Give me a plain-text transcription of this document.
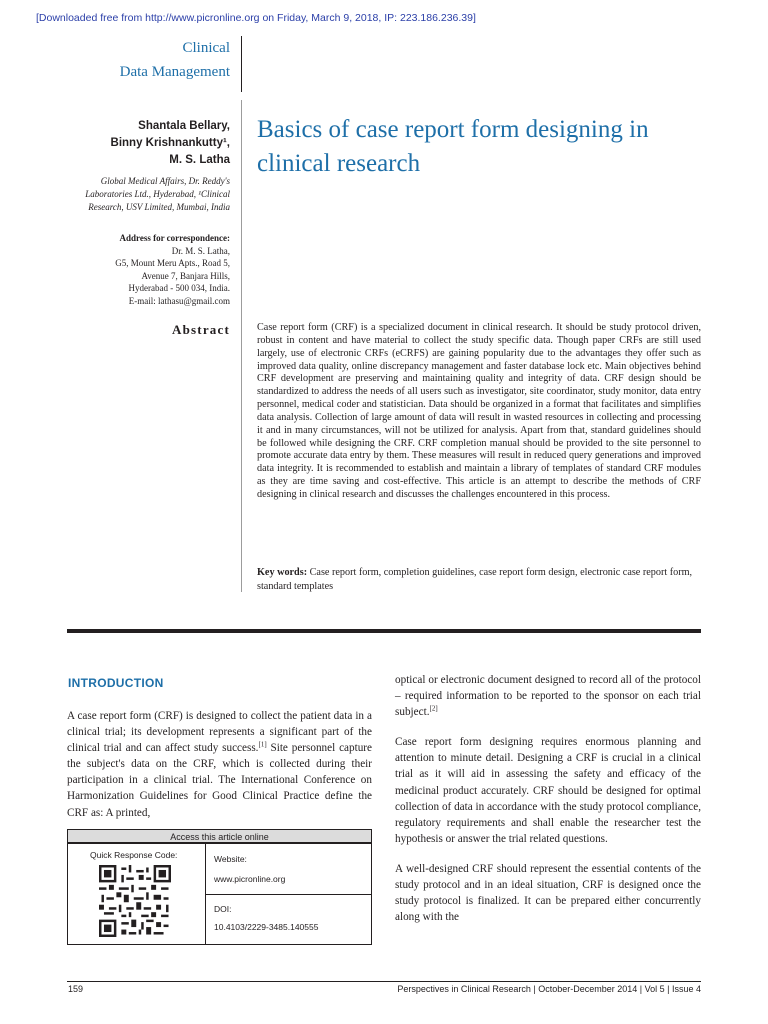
[Downloaded free from http://www.picronline.org on Friday, March 9, 2018, IP: 223.186.236.39]
Clinical
Data Management
Basics of case report form designing in clinical research
Shantala Bellary,
Binny Krishnankutty¹,
M. S. Latha
Global Medical Affairs, Dr. Reddy's Laboratories Ltd., Hyderabad, ¹Clinical Research, USV Limited, Mumbai, India
Address for correspondence:
Dr. M. S. Latha,
G5, Mount Meru Apts., Road 5,
Avenue 7, Banjara Hills,
Hyderabad - 500 034, India.
E-mail: lathasu@gmail.com
Abstract	Case report form (CRF) is a specialized document in clinical research. It should be study protocol driven, robust in content and have material to collect the study specific data. Though paper CRFs are still used largely, use of electronic CRFs (eCRFS) are gaining popularity due to the advantages they offer such as improved data quality, online discrepancy management and faster database lock etc. Main objectives behind CRF development are preserving and maintaining quality and integrity of data. CRF design should be standardized to address the needs of all users such as investigator, site coordinator, study monitor, data entry personnel, medical coder and statistician. Data should be organized in a format that facilitates and simplifies data analysis. Collection of large amount of data will result in wasted resources in collecting and processing it and in many circumstances, will not be utilized for analysis. Apart from that, standard guidelines should be followed while designing the CRF. CRF completion manual should be provided to the site personnel to promote accurate data entry by them. These measures will result in reduced query generations and improved data integrity. It is recommended to establish and maintain a library of templates of standard CRF modules as they are time saving and cost-effective. This article is an attempt to describe the methods of CRF designing in clinical research and discusses the challenges encountered in this process.
Key words: Case report form, completion guidelines, case report form design, electronic case report form, standard templates
INTRODUCTION

A case report form (CRF) is designed to collect the patient data in a clinical trial; its development represents a significant part of the clinical trial and can affect study success.[1] Site personnel capture the subject's data on the CRF, which is collected during their participation in a clinical trial. The International Conference on Harmonization Guidelines for Good Clinical Practice define the CRF as: A printed,

Access this article online
Quick Response Code:	Website:
www.picronline.org
DOI:
10.4103/2229-3485.140555

optical or electronic document designed to record all of the protocol – required information to be reported to the sponsor on each trial subject.[2]

Case report form designing requires enormous planning and attention to minute detail. Designing a CRF is crucial in a clinical trial as it will aid in assessing the safety and efficacy of the medicinal product accurately. CRF should be designed for optimal collection of data in accordance with the study protocol compliance, regulatory requirements and shall enable the researcher test the hypothesis or answer the trial related questions.

A well-designed CRF should represent the essential contents of the study protocol and in an ideal situation, CRF is designed once the study protocol is finalized. It can be prepared either concurrently along with the

159	Perspectives in Clinical Research | October-December 2014 | Vol 5 | Issue 4
